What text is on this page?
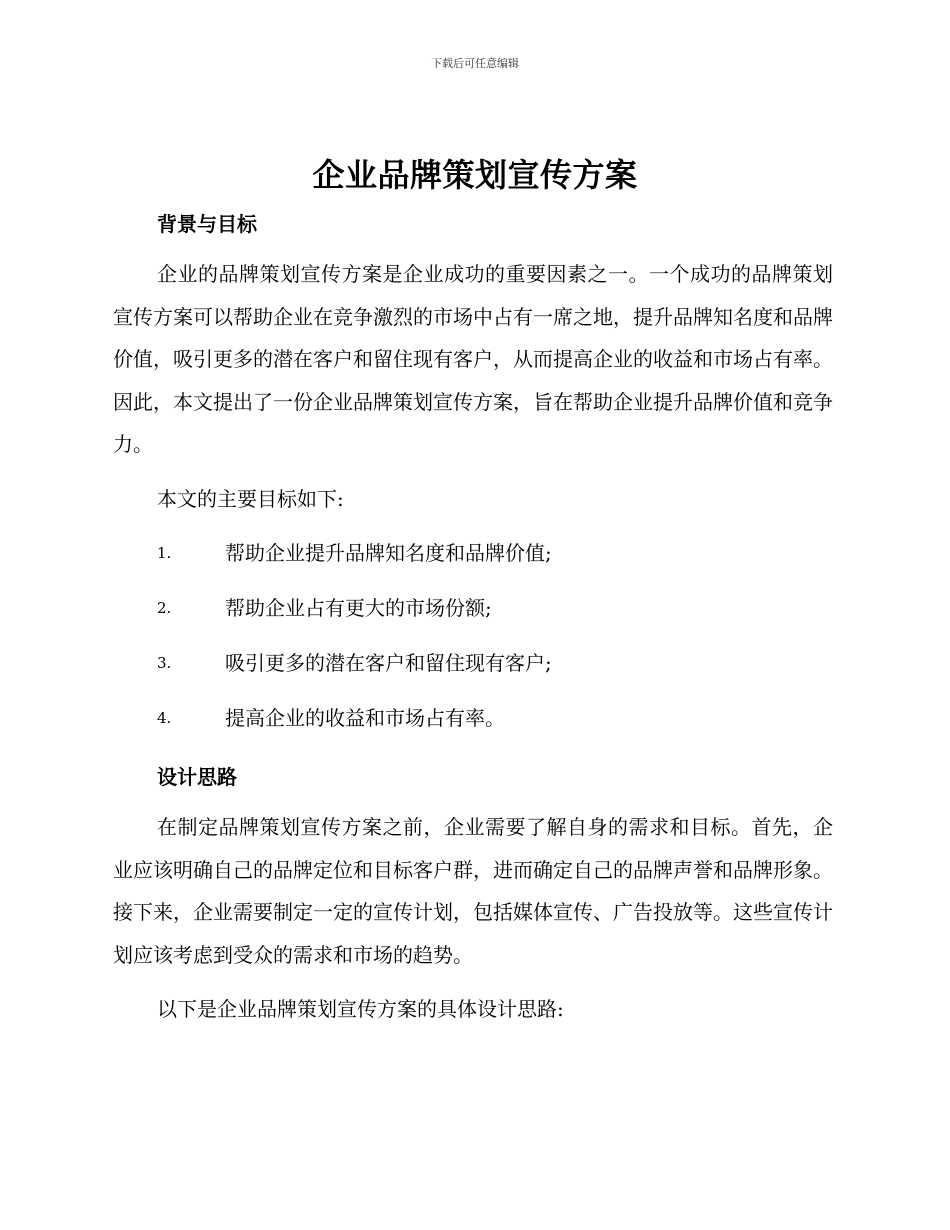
下载后可任意编辑
企业品牌策划宣传方案
背景与目标
企业的品牌策划宣传方案是企业成功的重要因素之一。一个成功的品牌策划宣传方案可以帮助企业在竞争激烈的市场中占有一席之地，提升品牌知名度和品牌价值，吸引更多的潜在客户和留住现有客户，从而提高企业的收益和市场占有率。因此，本文提出了一份企业品牌策划宣传方案，旨在帮助企业提升品牌价值和竞争力。
本文的主要目标如下:
1.	帮助企业提升品牌知名度和品牌价值;
2.	帮助企业占有更大的市场份额;
3.	吸引更多的潜在客户和留住现有客户;
4.	提高企业的收益和市场占有率。
设计思路
在制定品牌策划宣传方案之前，企业需要了解自身的需求和目标。首先，企业应该明确自己的品牌定位和目标客户群，进而确定自己的品牌声誉和品牌形象。接下来，企业需要制定一定的宣传计划，包括媒体宣传、广告投放等。这些宣传计划应该考虑到受众的需求和市场的趋势。
以下是企业品牌策划宣传方案的具体设计思路:
